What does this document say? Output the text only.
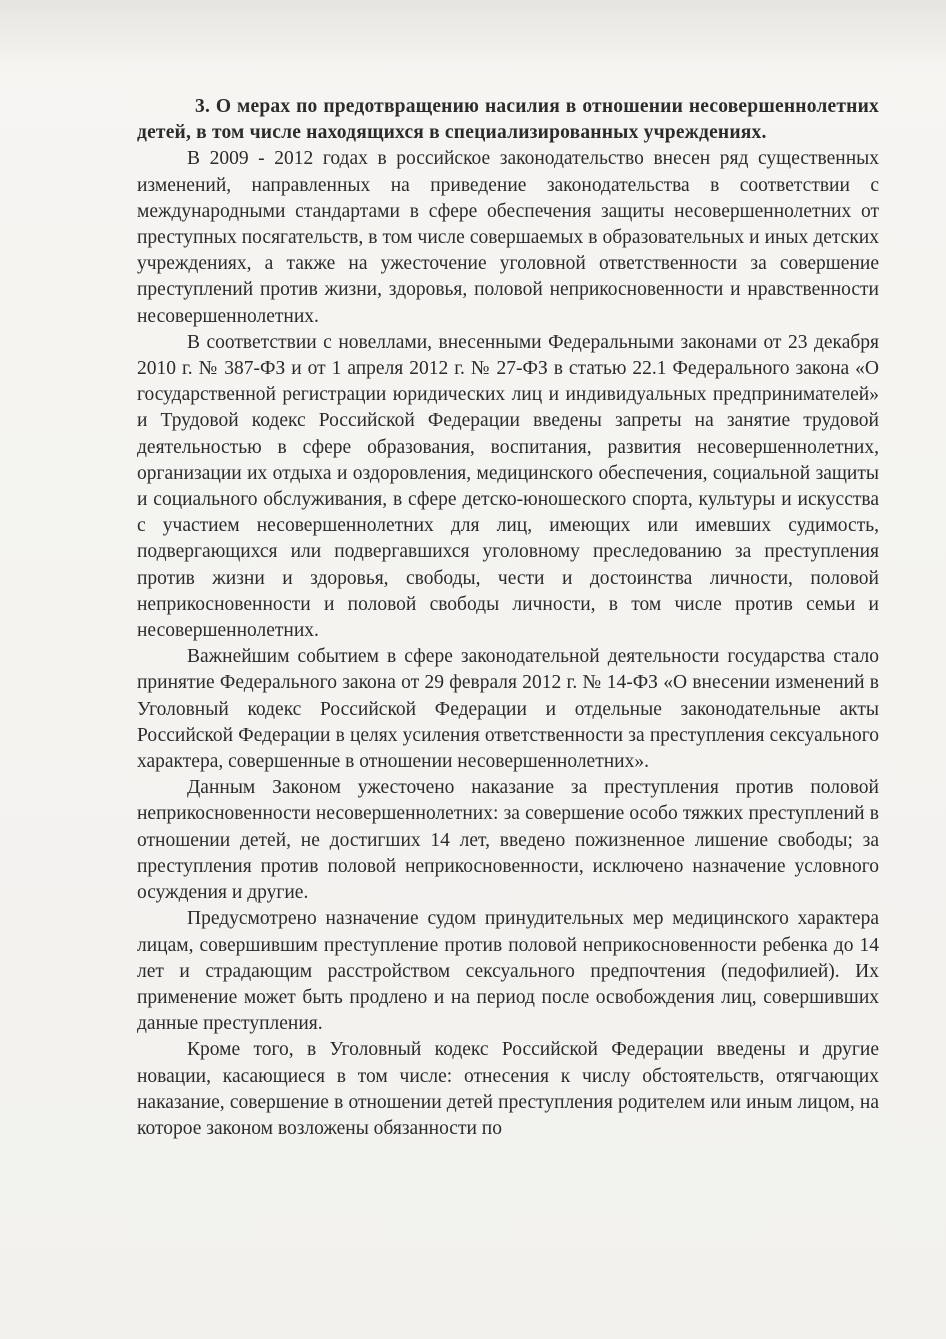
3. О мерах по предотвращению насилия в отношении несовершеннолетних детей, в том числе находящихся в специализированных учреждениях.

В 2009 - 2012 годах в российское законодательство внесен ряд существенных изменений, направленных на приведение законодательства в соответствии с международными стандартами в сфере обеспечения защиты несовершеннолетних от преступных посягательств, в том числе совершаемых в образовательных и иных детских учреждениях, а также на ужесточение уголовной ответственности за совершение преступлений против жизни, здоровья, половой неприкосновенности и нравственности несовершеннолетних.

В соответствии с новеллами, внесенными Федеральными законами от 23 декабря 2010 г. № 387-ФЗ и от 1 апреля 2012 г. № 27-ФЗ в статью 22.1 Федерального закона «О государственной регистрации юридических лиц и индивидуальных предпринимателей» и Трудовой кодекс Российской Федерации введены запреты на занятие трудовой деятельностью в сфере образования, воспитания, развития несовершеннолетних, организации их отдыха и оздоровления, медицинского обеспечения, социальной защиты и социального обслуживания, в сфере детско-юношеского спорта, культуры и искусства с участием несовершеннолетних для лиц, имеющих или имевших судимость, подвергающихся или подвергавшихся уголовному преследованию за преступления против жизни и здоровья, свободы, чести и достоинства личности, половой неприкосновенности и половой свободы личности, в том числе против семьи и несовершеннолетних.

Важнейшим событием в сфере законодательной деятельности государства стало принятие Федерального закона от 29 февраля 2012 г. № 14-ФЗ «О внесении изменений в Уголовный кодекс Российской Федерации и отдельные законодательные акты Российской Федерации в целях усиления ответственности за преступления сексуального характера, совершенные в отношении несовершеннолетних».

Данным Законом ужесточено наказание за преступления против половой неприкосновенности несовершеннолетних: за совершение особо тяжких преступлений в отношении детей, не достигших 14 лет, введено пожизненное лишение свободы; за преступления против половой неприкосновенности, исключено назначение условного осуждения и другие.

Предусмотрено назначение судом принудительных мер медицинского характера лицам, совершившим преступление против половой неприкосновенности ребенка до 14 лет и страдающим расстройством сексуального предпочтения (педофилией). Их применение может быть продлено и на период после освобождения лиц, совершивших данные преступления.

Кроме того, в Уголовный кодекс Российской Федерации введены и другие новации, касающиеся в том числе: отнесения к числу обстоятельств, отягчающих наказание, совершение в отношении детей преступления родителем или иным лицом, на которое законом возложены обязанности по
